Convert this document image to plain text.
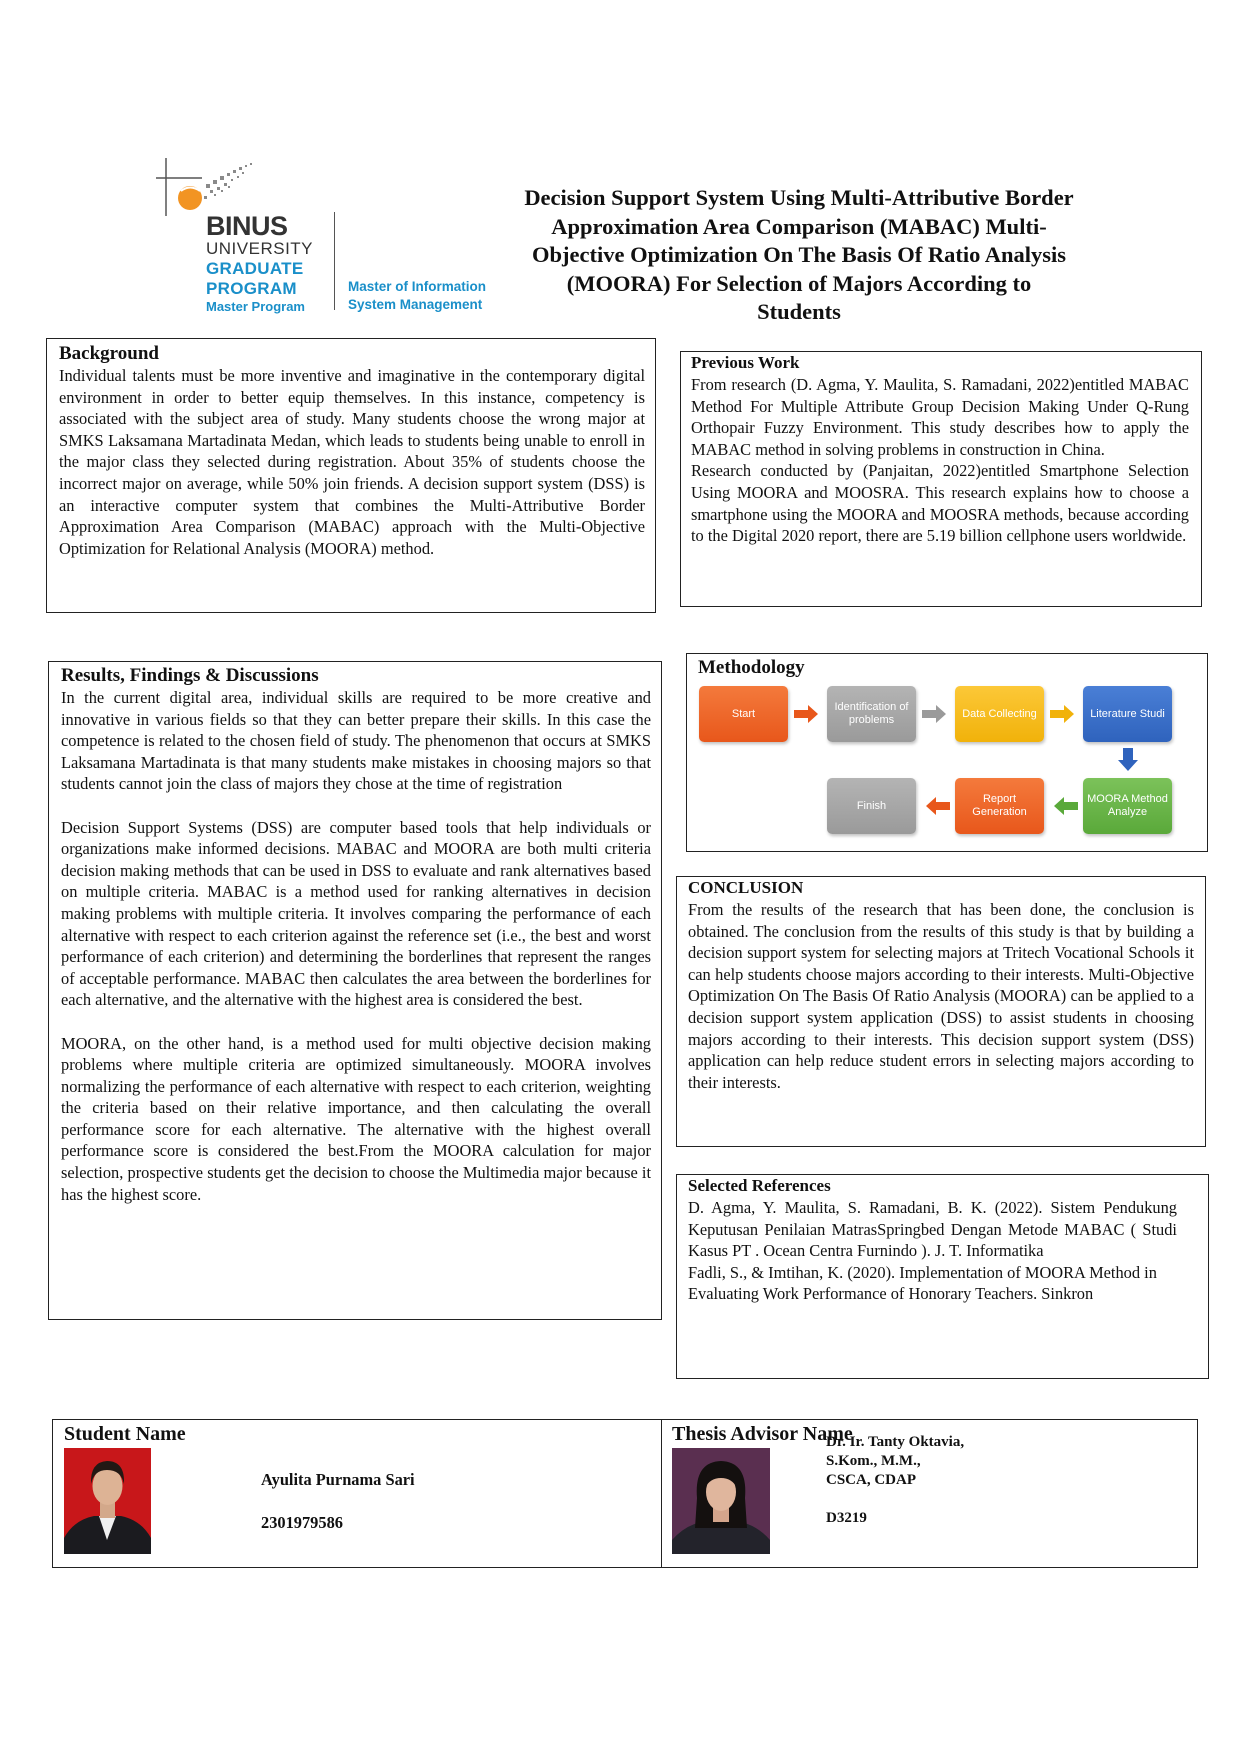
BINUS
UNIVERSITY
GRADUATE
PROGRAM
Master Program
Master of Information
System Management
Decision Support System Using Multi-Attributive Border Approximation Area Comparison (MABAC) Multi-Objective Optimization On The Basis Of Ratio Analysis (MOORA) For Selection of Majors According to Students
Background
Individual talents must be more inventive and imaginative in the contemporary digital environment in order to better equip themselves. In this instance, competency is associated with the subject area of study. Many students choose the wrong major at SMKS Laksamana Martadinata Medan, which leads to students being unable to enroll in the major class they selected during registration. About 35% of students choose the incorrect major on average, while 50% join friends. A decision support system (DSS) is an interactive computer system that combines the Multi-Attributive Border Approximation Area Comparison (MABAC) approach with the Multi-Objective Optimization for Relational Analysis (MOORA) method.
Previous Work

From research (D. Agma, Y. Maulita, S. Ramadani, 2022)entitled MABAC Method For Multiple Attribute Group Decision Making Under Q-Rung Orthopair Fuzzy Environment. This study describes how to apply the MABAC method in solving problems in construction in China.

Research conducted by (Panjaitan, 2022)entitled Smartphone Selection Using MOORA and MOOSRA. This research explains how to choose a smartphone using the MOORA and MOOSRA methods, because according to the Digital 2020 report, there are 5.19 billion cellphone users worldwide.

Results, Findings & Discussions

In the current digital area, individual skills are required to be more creative and innovative in various fields so that they can better prepare their skills. In this case the competence is related to the chosen field of study. The phenomenon that occurs at SMKS Laksamana Martadinata is that many students make mistakes in choosing majors so that students cannot join the class of majors they chose at the time of registration

Decision Support Systems (DSS) are computer based tools that help individuals or organizations make informed decisions. MABAC and MOORA are both multi criteria decision making methods that can be used in DSS to evaluate and rank alternatives based on multiple criteria. MABAC is a method used for ranking alternatives in decision making problems with multiple criteria. It involves comparing the performance of each alternative with respect to each criterion against the reference set (i.e., the best and worst performance of each criterion) and determining the borderlines that represent the ranges of acceptable performance. MABAC then calculates the area between the borderlines for each alternative, and the alternative with the highest area is considered the best.

MOORA, on the other hand, is a method used for multi objective decision making problems where multiple criteria are optimized simultaneously. MOORA involves normalizing the performance of each alternative with respect to each criterion, weighting the criteria based on their relative importance, and then calculating the overall performance score for each alternative. The alternative with the highest overall performance score is considered the best.From the MOORA calculation for major selection, prospective students get the decision to choose the Multimedia major because it has the highest score.

Methodology
Start
Identification of problems
Data Collecting	Literature Studi
MOORA Method Analyze
Report Generation
Finish
CONCLUSION
From the results of the research that has been done, the conclusion is obtained. The conclusion from the results of this study is that by building a decision support system for selecting majors at Tritech Vocational Schools it can help students choose majors according to their interests. Multi-Objective Optimization On The Basis Of Ratio Analysis (MOORA) can be applied to a decision support system application (DSS) to assist students in choosing majors according to their interests. This decision support system (DSS) application can help reduce student errors in selecting majors according to their interests.
Selected References

D. Agma, Y. Maulita, S. Ramadani, B. K. (2022). Sistem Pendukung Keputusan Penilaian MatrasSpringbed Dengan Metode MABAC ( Studi Kasus PT . Ocean Centra Furnindo ). J. T. Informatika

Fadli, S., & Imtihan, K. (2020). Implementation of MOORA Method in Evaluating Work Performance of Honorary Teachers. Sinkron

Student Name
Ayulita Purnama Sari
2301979586
Thesis Advisor Name
Dr. Ir. Tanty Oktavia,
S.Kom., M.M.,
CSCA, CDAP
D3219
